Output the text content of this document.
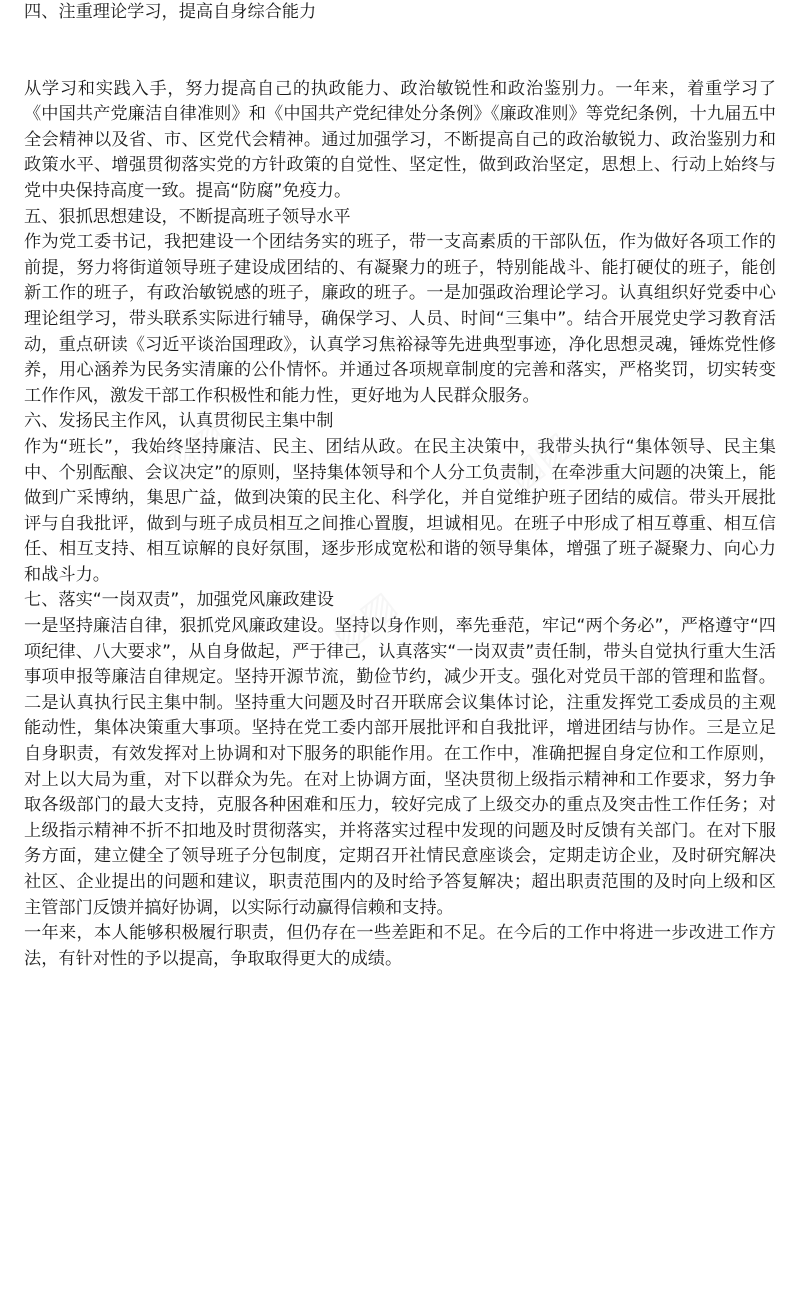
四、注重理论学习，提高自身综合能力

从学习和实践入手，努力提高自己的执政能力、政治敏锐性和政治鉴别力。一年来，着重学习了《中国共产党廉洁自律准则》和《中国共产党纪律处分条例》《廉政准则》等党纪条例，十九届五中全会精神以及省、市、区党代会精神。通过加强学习，不断提高自己的政治敏锐力、政治鉴别力和政策水平、增强贯彻落实党的方针政策的自觉性、坚定性，做到政治坚定，思想上、行动上始终与党中央保持高度一致。提高“防腐”免疫力。

五、狠抓思想建设，不断提高班子领导水平

作为党工委书记，我把建设一个团结务实的班子，带一支高素质的干部队伍，作为做好各项工作的前提，努力将街道领导班子建设成团结的、有凝聚力的班子，特别能战斗、能打硬仗的班子，能创新工作的班子，有政治敏锐感的班子，廉政的班子。一是加强政治理论学习。认真组织好党委中心理论组学习，带头联系实际进行辅导，确保学习、人员、时间“三集中”。结合开展党史学习教育活动，重点研读《习近平谈治国理政》，认真学习焦裕禄等先进典型事迹，净化思想灵魂，锤炼党性修养，用心涵养为民务实清廉的公仆情怀。并通过各项规章制度的完善和落实，严格奖罚，切实转变工作作风，激发干部工作积极性和能力性，更好地为人民群众服务。

六、发扬民主作风，认真贯彻民主集中制

作为“班长”，我始终坚持廉洁、民主、团结从政。在民主决策中，我带头执行“集体领导、民主集中、个别酝酿、会议决定”的原则，坚持集体领导和个人分工负责制，在牵涉重大问题的决策上，能做到广采博纳，集思广益，做到决策的民主化、科学化，并自觉维护班子团结的威信。带头开展批评与自我批评，做到与班子成员相互之间推心置腹，坦诚相见。在班子中形成了相互尊重、相互信任、相互支持、相互谅解的良好氛围，逐步形成宽松和谐的领导集体，增强了班子凝聚力、向心力和战斗力。

七、落实“一岗双责”，加强党风廉政建设

一是坚持廉洁自律，狠抓党风廉政建设。坚持以身作则，率先垂范，牢记“两个务必”，严格遵守“四项纪律、八大要求”，从自身做起，严于律己，认真落实“一岗双责”责任制，带头自觉执行重大生活事项申报等廉洁自律规定。坚持开源节流，勤俭节约，减少开支。强化对党员干部的管理和监督。二是认真执行民主集中制。坚持重大问题及时召开联席会议集体讨论，注重发挥党工委成员的主观能动性，集体决策重大事项。坚持在党工委内部开展批评和自我批评，增进团结与协作。三是立足自身职责，有效发挥对上协调和对下服务的职能作用。在工作中，准确把握自身定位和工作原则，对上以大局为重，对下以群众为先。在对上协调方面，坚决贯彻上级指示精神和工作要求，努力争取各级部门的最大支持，克服各种困难和压力，较好完成了上级交办的重点及突击性工作任务；对上级指示精神不折不扣地及时贯彻落实，并将落实过程中发现的问题及时反馈有关部门。在对下服务方面，建立健全了领导班子分包制度，定期召开社情民意座谈会，定期走访企业，及时研究解决社区、企业提出的问题和建议，职责范围内的及时给予答复解决；超出职责范围的及时向上级和区主管部门反馈并搞好协调，以实际行动赢得信赖和支持。

一年来，本人能够积极履行职责，但仍存在一些差距和不足。在今后的工作中将进一步改进工作方法，有针对性的予以提高，争取取得更大的成绩。

▨▨	▨▨
▨▨
